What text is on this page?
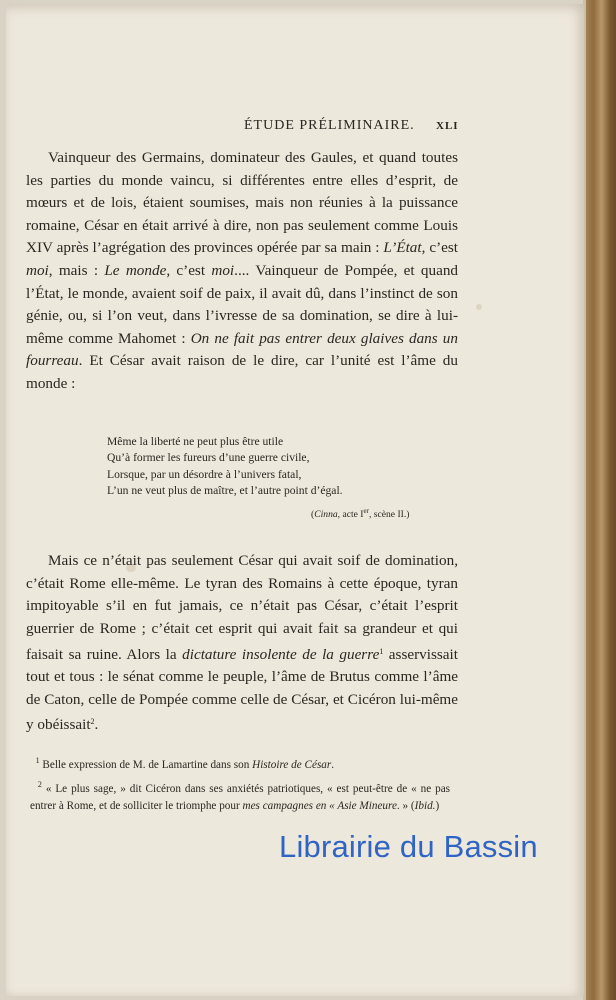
ÉTUDE PRÉLIMINAIRE. XLI

Vainqueur des Germains, dominateur des Gaules, et quand toutes les parties du monde vaincu, si différentes entre elles d’esprit, de mœurs et de lois, étaient soumises, mais non réunies à la puissance romaine, César en était arrivé à dire, non pas seulement comme Louis XIV après l’agrégation des provinces opérée par sa main : L’État, c’est moi, mais : Le monde, c’est moi.... Vainqueur de Pompée, et quand l’État, le monde, avaient soif de paix, il avait dû, dans l’instinct de son génie, ou, si l’on veut, dans l’ivresse de sa domination, se dire à lui-même comme Mahomet : On ne fait pas entrer deux glaives dans un fourreau. Et César avait raison de le dire, car l’unité est l’âme du monde :

Même la liberté ne peut plus être utile
Qu’à former les fureurs d’une guerre civile,
Lorsque, par un désordre à l’univers fatal,
L’un ne veut plus de maître, et l’autre point d’égal.
(Cinna, acte Ier, scène II.)

Mais ce n’était pas seulement César qui avait soif de domination, c’était Rome elle-même. Le tyran des Romains à cette époque, tyran impitoyable s’il en fut jamais, ce n’était pas César, c’était l’esprit guerrier de Rome ; c’était cet esprit qui avait fait sa grandeur et qui faisait sa ruine. Alors la dictature insolente de la guerre$^1$ asservissait tout et tous : le sénat comme le peuple, l’âme de Brutus comme l’âme de Caton, celle de Pompée comme celle de César, et Cicéron lui-même y obéissait$^2$.

$^1$ Belle expression de M. de Lamartine dans son Histoire de César.
$^2$ « Le plus sage, » dit Cicéron dans ses anxiétés patriotiques, « est peut-être de « ne pas entrer à Rome, et de solliciter le triomphe pour mes campagnes en « Asie Mineure. » (Ibid.)
Librairie du Bassin
